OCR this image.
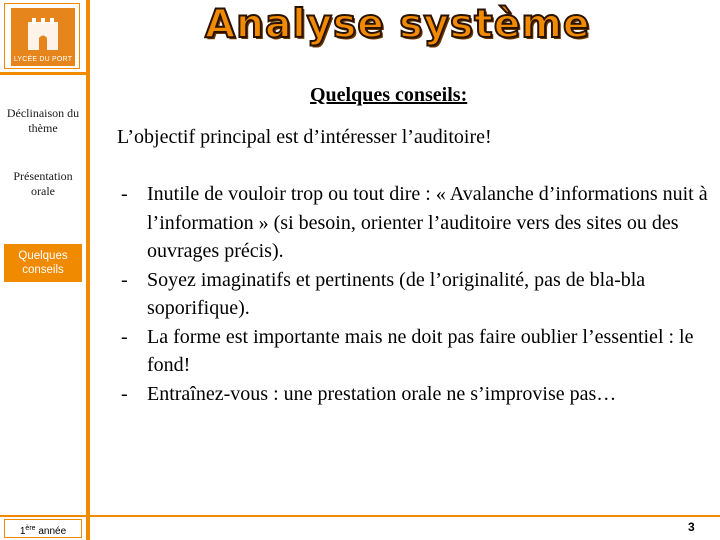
LYCÉE DU PORT
Déclinaison du thème
Présentation orale
Quelques conseils
1ère année
Analyse système
Quelques conseils:
L’objectif principal est d’intéresser l’auditoire!
- Inutile de vouloir trop ou tout dire : « Avalanche d’informations nuit à l’information » (si besoin, orienter l’auditoire vers des sites ou des ouvrages précis).
- Soyez imaginatifs et pertinents (de l’originalité, pas de bla-bla soporifique).
- La forme est importante mais ne doit pas faire oublier l’essentiel : le fond!
- Entraînez-vous : une prestation orale ne s’improvise pas…
3
